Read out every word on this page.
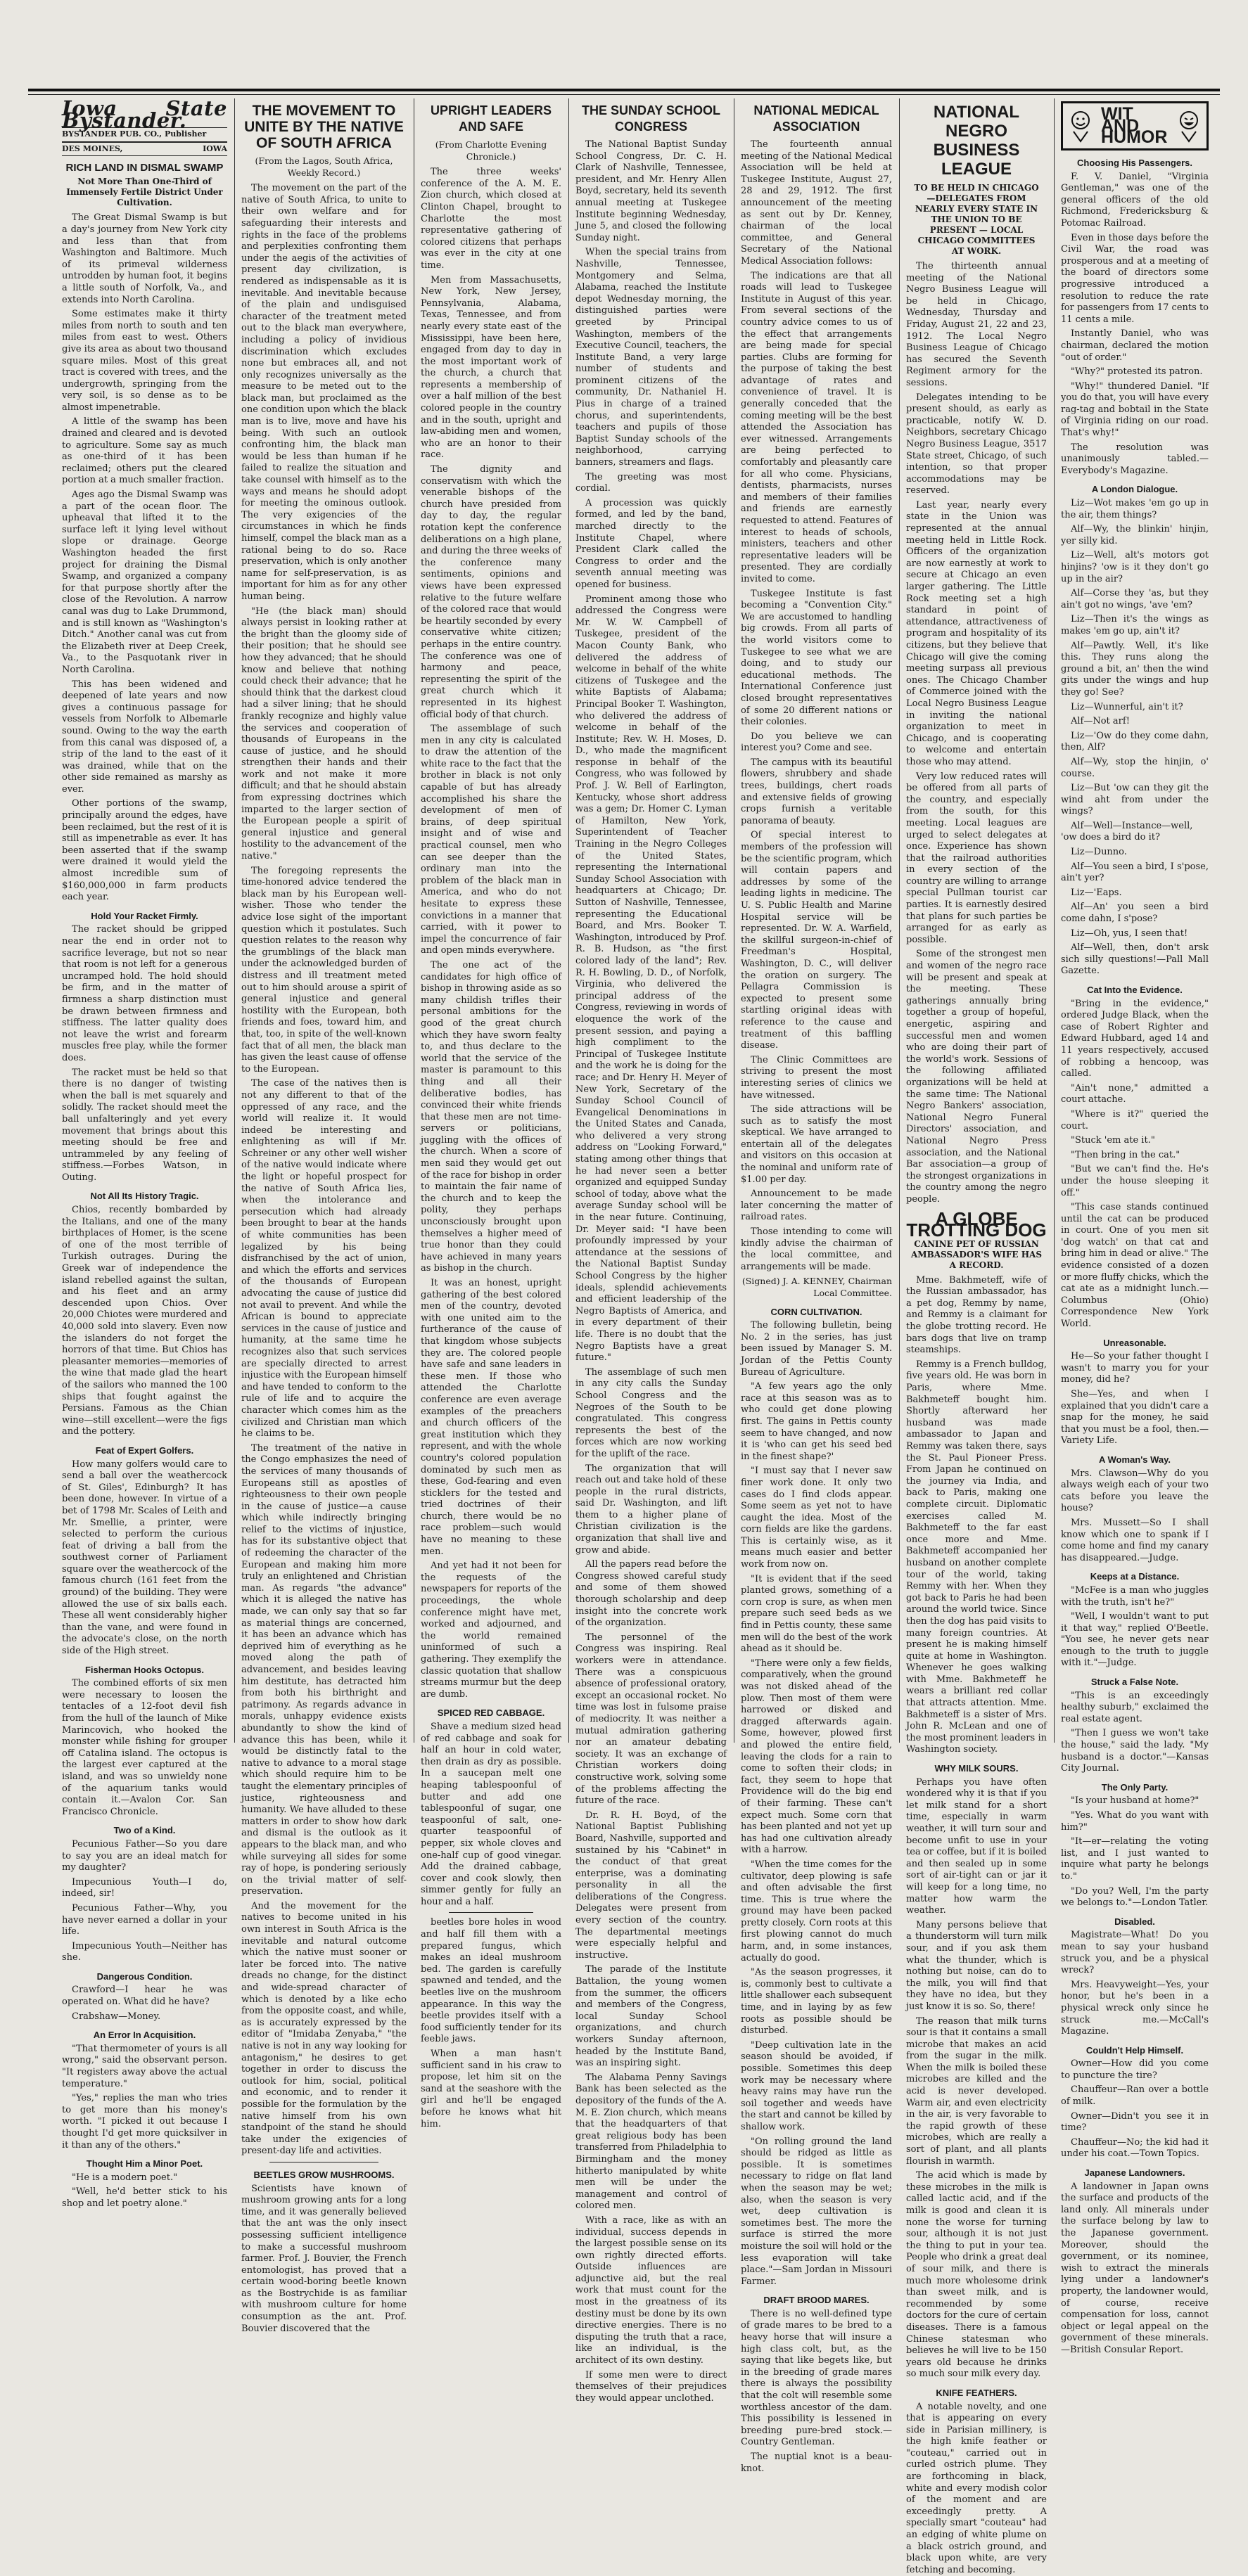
Iowa State Bystander.
BYSTANDER PUB. CO., Publisher
DES MOINES,	IOWA
RICH LAND IN DISMAL SWAMP
Not More Than One-Third of Immensely Fertile District Under Cultivation.

The Great Dismal Swamp is but a day's journey from New York city and less than that from Washington and Baltimore. Much of its primeval wilderness untrodden by human foot, it begins a little south of Norfolk, Va., and extends into North Carolina.

Some estimates make it thirty miles from north to south and ten miles from east to west. Others give its area as about two thousand square miles. Most of this great tract is covered with trees, and the undergrowth, springing from the very soil, is so dense as to be almost impenetrable.

A little of the swamp has been drained and cleared and is devoted to agriculture. Some say as much as one-third of it has been reclaimed; others put the cleared portion at a much smaller fraction.

Ages ago the Dismal Swamp was a part of the ocean floor. The upheaval that lifted it to the surface left it lying level without slope or drainage. George Washington headed the first project for draining the Dismal Swamp, and organized a company for that purpose shortly after the close of the Revolution. A narrow canal was dug to Lake Drummond, and is still known as "Washington's Ditch." Another canal was cut from the Elizabeth river at Deep Creek, Va., to the Pasquotank river in North Carolina.

This has been widened and deepened of late years and now gives a continuous passage for vessels from Norfolk to Albemarle sound. Owing to the way the earth from this canal was disposed of, a strip of the land to the east of it was drained, while that on the other side remained as marshy as ever.

Other portions of the swamp, principally around the edges, have been reclaimed, but the rest of it is still as impenetrable as ever. It has been asserted that if the swamp were drained it would yield the almost incredible sum of $160,000,000 in farm products each year.

Hold Your Racket Firmly.

The racket should be gripped near the end in order not to sacrifice leverage, but not so near that room is not left for a generous uncramped hold. The hold should be firm, and in the matter of firmness a sharp distinction must be drawn between firmness and stiffness. The latter quality does not leave the wrist and forearm muscles free play, while the former does.

The racket must be held so that there is no danger of twisting when the ball is met squarely and solidly. The racket should meet the ball unfalteringly and yet every movement that brings about this meeting should be free and untrammeled by any feeling of stiffness.—Forbes Watson, in Outing.

Not All Its History Tragic.

Chios, recently bombarded by the Italians, and one of the many birthplaces of Homer, is the scene of one of the most terrible of Turkish outrages. During the Greek war of independence the island rebelled against the sultan, and his fleet and an army descended upon Chios. Over 20,000 Chiotes were murdered and 40,000 sold into slavery. Even now the islanders do not forget the horrors of that time. But Chios has pleasanter memories—memories of the wine that made glad the heart of the sailors who manned the 100 ships that fought against the Persians. Famous as the Chian wine—still excellent—were the figs and the pottery.

Feat of Expert Golfers.

How many golfers would care to send a ball over the weathercock of St. Giles', Edinburgh? It has been done, however. In virtue of a bet of 1798 Mr. Scales of Leith and Mr. Smellie, a printer, were selected to perform the curious feat of driving a ball from the southwest corner of Parliament square over the weathercock of the famous church (161 feet from the ground) of the building. They were allowed the use of six balls each. These all went considerably higher than the vane, and were found in the advocate's close, on the north side of the High street.

Fisherman Hooks Octopus.

The combined efforts of six men were necessary to loosen the tentacles of a 12-foot devil fish from the hull of the launch of Mike Marincovich, who hooked the monster while fishing for grouper off Catalina island. The octopus is the largest ever captured at the island, and was so unwieldy none of the aquarium tanks would contain it.—Avalon Cor. San Francisco Chronicle.

Two of a Kind.

Pecunious Father—So you dare to say you are an ideal match for my daughter?

Impecunious Youth—I do, indeed, sir!

Pecunious Father—Why, you have never earned a dollar in your life.

Impecunious Youth—Neither has she.

Dangerous Condition.

Crawford—I hear he was operated on. What did he have?

Crabshaw—Money.

An Error In Acquisition.

"That thermometer of yours is all wrong," said the observant person. "It registers away above the actual temperature."

"Yes," replies the man who tries to get more than his money's worth. "I picked it out because I thought I'd get more quicksilver in it than any of the others."

Thought Him a Minor Poet.

"He is a modern poet."

"Well, he'd better stick to his shop and let poetry alone."

THE MOVEMENT TO UNITE BY THE NATIVE OF SOUTH AFRICA
(From the Lagos, South Africa, Weekly Record.)

The movement on the part of the native of South Africa, to unite to their own welfare and for safeguarding their interests and rights in the face of the problems and perplexities confronting them under the aegis of the activities of present day civilization, is rendered as indispensable as it is inevitable. And inevitable because of the plain and undisguised character of the treatment meted out to the black man everywhere, including a policy of invidious discrimination which excludes none but embraces all, and not only recognizes universally as the measure to be meted out to the black man, but proclaimed as the one condition upon which the black man is to live, move and have his being. With such an outlook confronting him, the black man would be less than human if he failed to realize the situation and take counsel with himself as to the ways and means he should adopt for meeting the ominous outlook. The very exigencies of the circumstances in which he finds himself, compel the black man as a rational being to do so. Race preservation, which is only another name for self-preservation, is as important for him as for any other human being.

"He (the black man) should always persist in looking rather at the bright than the gloomy side of their position; that he should see how they advanced; that he should know and believe that nothing could check their advance; that he should think that the darkest cloud had a silver lining; that he should frankly recognize and highly value the services and cooperation of thousands of Europeans in the cause of justice, and he should strengthen their hands and their work and not make it more difficult; and that he should abstain from expressing doctrines which imparted to the larger section of the European people a spirit of general injustice and general hostility to the advancement of the native."

The foregoing represents the time-honored advice tendered the black man by his European well-wisher. Those who tender the advice lose sight of the important question which it postulates. Such question relates to the reason why the grumblings of the black man under the acknowledged burden of distress and ill treatment meted out to him should arouse a spirit of general injustice and general hostility with the European, both friends and foes, toward him, and that, too, in spite of the well-known fact that of all men, the black man has given the least cause of offense to the European.

The case of the natives then is not any different to that of the oppressed of any race, and the world will realize it. It would indeed be interesting and enlightening as will if Mr. Schreiner or any other well wisher of the native would indicate where the light or hopeful prospect for the native of South Africa lies, when the intolerance and persecution which had already been brought to bear at the hands of white communities has been legalized by his being disfranchised by the act of union, and which the efforts and services of the thousands of European advocating the cause of justice did not avail to prevent. And while the African is bound to appreciate services in the cause of justice and humanity, at the same time he recognizes also that such services are specially directed to arrest injustice with the European himself and have tended to conform to the rule of life and to acquire the character which comes him as the civilized and Christian man which he claims to be.

The treatment of the native in the Congo emphasizes the need of the services of many thousands of Europeans still as apostles of righteousness to their own people in the cause of justice—a cause which while indirectly bringing relief to the victims of injustice, has for its substantive object that of redeeming the character of the European and making him more truly an enlightened and Christian man. As regards "the advance" which it is alleged the native has made, we can only say that so far as material things are concerned, it has been an advance which has deprived him of everything as he moved along the path of advancement, and besides leaving him destitute, has detracted him from both his birthright and patrimony. As regards advance in morals, unhappy evidence exists abundantly to show the kind of advance this has been, while it would be distinctly fatal to the native to advance to a moral stage which should require him to be taught the elementary principles of justice, righteousness and humanity. We have alluded to these matters in order to show how dark and dismal is the outlook as it appears to the black man, and who while surveying all sides for some ray of hope, is pondering seriously on the trivial matter of self-preservation.

And the movement for the natives to become united in his own interest in South Africa is the inevitable and natural outcome which the native must sooner or later be forced into. The native dreads no change, for the distinct and wide-spread character of which is denoted by a like echo from the opposite coast, and while, as is accurately expressed by the editor of "Imidaba Zenyaba," "the native is not in any way looking for antagonism," he desires to get together in order to discuss the outlook for him, social, political and economic, and to render it possible for the formulation by the native himself from his own standpoint of the stand he should take under the exigencies of present-day life and activities.

BEETLES GROW MUSHROOMS.

Scientists have known of mushroom growing ants for a long time, and it was generally believed that the ant was the only insect possessing sufficient intelligence to make a successful mushroom farmer. Prof. J. Bouvier, the French entomologist, has proved that a certain wood-boring beetle known as the Bostrychide is as familiar with mushroom culture for home consumption as the ant. Prof. Bouvier discovered that the

UPRIGHT LEADERS AND SAFE
(From Charlotte Evening Chronicle.)

The three weeks' conference of the A. M. E. Zion church, which closed at Clinton Chapel, brought to Charlotte the most representative gathering of colored citizens that perhaps was ever in the city at one time.

Men from Massachusetts, New York, New Jersey, Pennsylvania, Alabama, Texas, Tennessee, and from nearly every state east of the Mississippi, have been here, engaged from day to day in the most important work of the church, a church that represents a membership of over a half million of the best colored people in the country and in the south, upright and law-abiding men and women, who are an honor to their race.

The dignity and conservatism with which the venerable bishops of the church have presided from day to day, the regular rotation kept the conference deliberations on a high plane, and during the three weeks of the conference many sentiments, opinions and views have been expressed relative to the future welfare of the colored race that would be heartily seconded by every conservative white citizen; perhaps in the entire country. The conference was one of harmony and peace, representing the spirit of the great church which it represented in its highest official body of that church.

The assemblage of such men in any city is calculated to draw the attention of the white race to the fact that the brother in black is not only capable of but has already accomplished his share the development of men of brains, of deep spiritual insight and of wise and practical counsel, men who can see deeper than the ordinary man into the problem of the black man in America, and who do not hesitate to express these convictions in a manner that carried, with it power to impel the concurrence of fair and open minds everywhere.

The one act of the candidates for high office of bishop in throwing aside as so many childish trifles their personal ambitions for the good of the great church which they have sworn fealty to, and thus declare to the world that the service of the master is paramount to this thing and all their deliberative bodies, has convinced their white friends that these men are not time-servers or politicians, juggling with the offices of the church. When a score of men said they would get out of the race for bishop in order to maintain the fair name of the church and to keep the polity, they perhaps unconsciously brought upon themselves a higher meed of true honor than they could have achieved in many years as bishop in the church.

It was an honest, upright gathering of the best colored men of the country, devoted with one united aim to the furtherance of the cause of that kingdom whose subjects they are. The colored people have safe and sane leaders in these men. If those who attended the Charlotte conference are even average examples of the preachers and church officers of the great institution which they represent, and with the whole country's colored population dominated by such men as these, God-fearing and even sticklers for the tested and tried doctrines of their church, there would be no race problem—such would have no meaning to these men.

And yet had it not been for the requests of the newspapers for reports of the proceedings, the whole conference might have met, worked and adjourned, and the world remained uninformed of such a gathering. They exemplify the classic quotation that shallow streams murmur but the deep are dumb.

SPICED RED CABBAGE.

Shave a medium sized head of red cabbage and soak for half an hour in cold water, then drain as dry as possible. In a saucepan melt one heaping tablespoonful of butter and add one tablespoonful of sugar, one teaspoonful of salt, one-quarter teaspoonful of pepper, six whole cloves and one-half cup of good vinegar. Add the drained cabbage, cover and cook slowly, then simmer gently for fully an hour and a half.

beetles bore holes in wood and half fill them with a prepared fungus, which makes an ideal mushroom bed. The garden is carefully spawned and tended, and the beetles live on the mushroom appearance. In this way the beetle provides itself with a food sufficiently tender for its feeble jaws.

When a man hasn't sufficient sand in his craw to propose, let him sit on the sand at the seashore with the girl and he'll be engaged before he knows what hit him.

THE SUNDAY SCHOOL CONGRESS

The National Baptist Sunday School Congress, Dr. C. H. Clark of Nashville, Tennessee, president, and Mr. Henry Allen Boyd, secretary, held its seventh annual meeting at Tuskegee Institute beginning Wednesday, June 5, and closed the following Sunday night.

When the special trains from Nashville, Tennessee, Montgomery and Selma, Alabama, reached the Institute depot Wednesday morning, the distinguished parties were greeted by Principal Washington, members of the Executive Council, teachers, the Institute Band, a very large number of students and prominent citizens of the community, Dr. Nathaniel H. Pius in charge of a trained chorus, and superintendents, teachers and pupils of those Baptist Sunday schools of the neighborhood, carrying banners, streamers and flags.

The greeting was most cordial.

A procession was quickly formed, and led by the band, marched directly to the Institute Chapel, where President Clark called the Congress to order and the seventh annual meeting was opened for business.

Prominent among those who addressed the Congress were Mr. W. W. Campbell of Tuskegee, president of the Macon County Bank, who delivered the address of welcome in behalf of the white citizens of Tuskegee and the white Baptists of Alabama; Principal Booker T. Washington, who delivered the address of welcome in behalf of the Institute; Rev. W. H. Moses, D. D., who made the magnificent response in behalf of the Congress, who was followed by Prof. J. W. Bell of Earlington, Kentucky, whose short address was a gem; Dr. Homer C. Lyman of Hamilton, New York, Superintendent of Teacher Training in the Negro Colleges of the United States, representing the International Sunday School Association with headquarters at Chicago; Dr. Sutton of Nashville, Tennessee, representing the Educational Board, and Mrs. Booker T. Washington, introduced by Prof. R. B. Hudson, as "the first colored lady of the land"; Rev. R. H. Bowling, D. D., of Norfolk, Virginia, who delivered the principal address of the Congress, reviewing in words of eloquence the work of the present session, and paying a high compliment to the Principal of Tuskegee Institute and the work he is doing for the race; and Dr. Henry H. Meyer of New York, Secretary of the Sunday School Council of Evangelical Denominations in the United States and Canada, who delivered a very strong address on "Looking Forward," stating among other things that he had never seen a better organized and equipped Sunday school of today, above what the average Sunday school will be in the near future. Continuing, Dr. Meyer said: "I have been profoundly impressed by your attendance at the sessions of the National Baptist Sunday School Congress by the higher ideals, splendid achievements and efficient leadership of the Negro Baptists of America, and in every department of their life. There is no doubt that the Negro Baptists have a great future."

The assemblage of such men in any city calls the Sunday School Congress and the Negroes of the South to be congratulated. This congress represents the best of the forces which are now working for the uplift of the race.

The organization that will reach out and take hold of these people in the rural districts, said Dr. Washington, and lift them to a higher plane of Christian civilization is the organization that shall live and grow and abide.

All the papers read before the Congress showed careful study and some of them showed thorough scholarship and deep insight into the concrete work of the organization.

The personnel of the Congress was inspiring. Real workers were in attendance. There was a conspicuous absence of professional oratory, except an occasional rocket. No time was lost in fulsome praise of mediocrity. It was neither a mutual admiration gathering nor an amateur debating society. It was an exchange of Christian workers doing constructive work, solving some of the problems affecting the future of the race.

Dr. R. H. Boyd, of the National Baptist Publishing Board, Nashville, supported and sustained by his "Cabinet" in the conduct of that great enterprise, was a dominating personality in all the deliberations of the Congress. Delegates were present from every section of the country. The departmental meetings were especially helpful and instructive.

The parade of the Institute Battalion, the young women from the summer, the officers and members of the Congress, local Sunday School organizations, and church workers Sunday afternoon, headed by the Institute Band, was an inspiring sight.

The Alabama Penny Savings Bank has been selected as the depository of the funds of the A. M. E. Zion church, which means that the headquarters of that great religious body has been transferred from Philadelphia to Birmingham and the money hitherto manipulated by white men will be under the management and control of colored men.

With a race, like as with an individual, success depends in the largest possible sense on its own rightly directed efforts. Outside influences are adjunctive aid, but the real work that must count for the most in the greatness of its destiny must be done by its own directive energies. There is no disputing the truth that a race, like an individual, is the architect of its own destiny.

If some men were to direct themselves of their prejudices they would appear unclothed.

NATIONAL MEDICAL ASSOCIATION

The fourteenth annual meeting of the National Medical Association will be held at Tuskegee Institute, August 27, 28 and 29, 1912. The first announcement of the meeting as sent out by Dr. Kenney, chairman of the local committee, and General Secretary of the National Medical Association follows:

The indications are that all roads will lead to Tuskegee Institute in August of this year. From several sections of the country advice comes to us of the effect that arrangements are being made for special parties. Clubs are forming for the purpose of taking the best advantage of rates and convenience of travel. It is generally conceded that the coming meeting will be the best attended the Association has ever witnessed. Arrangements are being perfected to comfortably and pleasantly care for all who come. Physicians, dentists, pharmacists, nurses and members of their families and friends are earnestly requested to attend. Features of interest to heads of schools, ministers, teachers and other representative leaders will be presented. They are cordially invited to come.

Tuskegee Institute is fast becoming a "Convention City." We are accustomed to handling big crowds. From all parts of the world visitors come to Tuskegee to see what we are doing, and to study our educational methods. The International Conference just closed brought representatives of some 20 different nations or their colonies.

Do you believe we can interest you? Come and see.

The campus with its beautiful flowers, shrubbery and shade trees, buildings, chert roads and extensive fields of growing crops furnish a veritable panorama of beauty.

Of special interest to members of the profession will be the scientific program, which will contain papers and addresses by some of the leading lights in medicine. The U. S. Public Health and Marine Hospital service will be represented. Dr. W. A. Warfield, the skillful surgeon-in-chief of Freedman's Hospital, Washington, D. C., will deliver the oration on surgery. The Pellagra Commission is expected to present some startling original ideas with reference to the cause and treatment of this baffling disease.

The Clinic Committees are striving to present the most interesting series of clinics we have witnessed.

The side attractions will be such as to satisfy the most skeptical. We have arranged to entertain all of the delegates and visitors on this occasion at the nominal and uniform rate of $1.00 per day.

Announcement to be made later concerning the matter of railroad rates.

Those intending to come will kindly advise the chairman of the local committee, and arrangements will be made.

(Signed) J. A. KENNEY, Chairman Local Committee.
CORN CULTIVATION.

The following bulletin, being No. 2 in the series, has just been issued by Manager S. M. Jordan of the Pettis County Bureau of Agriculture.

"A few years ago the only race at this season was as to who could get done plowing first. The gains in Pettis county seem to have changed, and now it is 'who can get his seed bed in the finest shape?'

"I must say that I never saw finer work done. It only two cases do I find clods appear. Some seem as yet not to have caught the idea. Most of the corn fields are like the gardens. This is certainly wise, as it means much easier and better work from now on.

"It is evident that if the seed planted grows, something of a corn crop is sure, as when men prepare such seed beds as we find in Pettis county, these same men will do the best of the work ahead as it should be.

"There were only a few fields, comparatively, when the ground was not disked ahead of the plow. Then most of them were harrowed or disked and dragged afterwards again. Some, however, plowed first and plowed the entire field, leaving the clods for a rain to come to soften their clods; in fact, they seem to hope that Providence will do the big end of their farming. These can't expect much. Some corn that has been planted and not yet up has had one cultivation already with a harrow.

"When the time comes for the cultivator, deep plowing is safe and often advisable the first time. This is true where the ground may have been packed pretty closely. Corn roots at this first plowing cannot do much harm, and, in some instances, actually do good.

"As the season progresses, it is, commonly best to cultivate a little shallower each subsequent time, and in laying by as few roots as possible should be disturbed.

"Deep cultivation late in the season should be avoided, if possible. Sometimes this deep work may be necessary where heavy rains may have run the soil together and weeds have the start and cannot be killed by shallow work.

"On rolling ground the land should be ridged as little as possible. It is sometimes necessary to ridge on flat land when the season may be wet; also, when the season is very wet, deep cultivation is sometimes best. The more the surface is stirred the more moisture the soil will hold or the less evaporation will take place."—Sam Jordan in Missouri Farmer.

DRAFT BROOD MARES.

There is no well-defined type of grade mares to be bred to a heavy horse that will insure a high class colt, but, as the saying that like begets like, but in the breeding of grade mares there is always the possibility that the colt will resemble some worthless ancestor of the dam. This possibility is lessened in breeding pure-bred stock.—Country Gentleman.

The nuptial knot is a beau-knot.

NATIONAL NEGRO BUSINESS LEAGUE
TO BE HELD IN CHICAGO—DELEGATES FROM NEARLY EVERY STATE IN THE UNION TO BE PRESENT — LOCAL CHICAGO COMMITTEES AT WORK.

The thirteenth annual meeting of the National Negro Business League will be held in Chicago, Wednesday, Thursday and Friday, August 21, 22 and 23, 1912. The Local Negro Business League of Chicago has secured the Seventh Regiment armory for the sessions.

Delegates intending to be present should, as early as practicable, notify W. D. Neighbors, secretary Chicago Negro Business League, 3517 State street, Chicago, of such intention, so that proper accommodations may be reserved.

Last year, nearly every state in the Union was represented at the annual meeting held in Little Rock. Officers of the organization are now earnestly at work to secure at Chicago an even larger gathering. The Little Rock meeting set a high standard in point of attendance, attractiveness of program and hospitality of its citizens, but they believe that Chicago will give the coming meeting surpass all previous ones. The Chicago Chamber of Commerce joined with the Local Negro Business League in inviting the national organization to meet in Chicago, and is cooperating to welcome and entertain those who may attend.

Very low reduced rates will be offered from all parts of the country, and especially from the south, for this meeting. Local leagues are urged to select delegates at once. Experience has shown that the railroad authorities in every section of the country are willing to arrange special Pullman tourist car parties. It is earnestly desired that plans for such parties be arranged for as early as possible.

Some of the strongest men and women of the negro race will be present and speak at the meeting. These gatherings annually bring together a group of hopeful, energetic, aspiring and successful men and women who are doing their part of the world's work. Sessions of the following affiliated organizations will be held at the same time: The National Negro Bankers' association, National Negro Funeral Directors' association, and National Negro Press association, and the National Bar association—a group of the strongest organizations in the country among the negro people.

A GLOBE TROTTING DOG
CANINE PET OF RUSSIAN AMBASSADOR'S WIFE HAS A RECORD.

Mme. Bakhmeteff, wife of the Russian ambassador, has a pet dog, Remmy by name, and Remmy is a claimant for the globe trotting record. He bars dogs that live on tramp steamships.

Remmy is a French bulldog, five years old. He was born in Paris, where Mme. Bakhmeteff bought him. Shortly afterward her husband was made ambassador to Japan and Remmy was taken there, says the St. Paul Pioneer Press. From Japan he continued on the journey via India, and back to Paris, making one complete circuit. Diplomatic exercises called M. Bakhmeteff to the far east once more and Mme. Bakhmeteff accompanied her husband on another complete tour of the world, taking Remmy with her. When they got back to Paris he had been around the world twice. Since then the dog has paid visits to many foreign countries. At present he is making himself quite at home in Washington. Whenever he goes walking with Mme. Bakhmeteff he wears a brilliant red collar that attracts attention. Mme. Bakhmeteff is a sister of Mrs. John R. McLean and one of the most prominent leaders in Washington society.

WHY MILK SOURS.

Perhaps you have often wondered why it is that if you let milk stand for a short time, especially in warm weather, it will turn sour and become unfit to use in your tea or coffee, but if it is boiled and then sealed up in some sort of air-tight can or jar it will keep for a long time, no matter how warm the weather.

Many persons believe that a thunderstorm will turn milk sour, and if you ask them what the thunder, which is nothing but noise, can do to the milk, you will find that they have no idea, but they just know it is so. So, there!

The reason that milk turns sour is that it contains a small microbe that makes an acid from the sugar in the milk. When the milk is boiled these microbes are killed and the acid is never developed. Warm air, and even electricity in the air, is very favorable to the rapid growth of these microbes, which are really a sort of plant, and all plants flourish in warmth.

The acid which is made by these microbes in the milk is called lactic acid, and if the milk is good and clean it is none the worse for turning sour, although it is not just the thing to put in your tea. People who drink a great deal of sour milk, and there is much more wholesome drink than sweet milk, and is recommended by some doctors for the cure of certain diseases. There is a famous Chinese statesman who believes he will live to be 150 years old because he drinks so much sour milk every day.

KNIFE FEATHERS.

A notable novelty, and one that is appearing on every side in Parisian millinery, is the high knife feather or "couteau," carried out in curled ostrich plume. They are forthcoming in black, white and every modish color of the moment and are exceedingly pretty. A specially smart "couteau" had an edging of white plume on a black ostrich ground, and black upon white, are very fetching and becoming.

WIT AND HUMOR
Choosing His Passengers.

F. V. Daniel, "Virginia Gentleman," was one of the general officers of the old Richmond, Fredericksburg & Potomac Railroad.

Even in those days before the Civil War, the road was prosperous and at a meeting of the board of directors some progressive introduced a resolution to reduce the rate for passengers from 17 cents to 11 cents a mile.

Instantly Daniel, who was chairman, declared the motion "out of order."

"Why?" protested its patron.

"Why!" thundered Daniel. "If you do that, you will have every rag-tag and bobtail in the State of Virginia riding on our road. That's why!"

The resolution was unanimously tabled.—Everybody's Magazine.

A London Dialogue.

Liz—Wot makes 'em go up in the air, them things?

Alf—Wy, the blinkin' hinjin, yer silly kid.

Liz—Well, alt's motors got hinjins? 'ow is it they don't go up in the air?

Alf—Corse they 'as, but they ain't got no wings, 'ave 'em?

Liz—Then it's the wings as makes 'em go up, ain't it?

Alf—Pawtly. Well, it's like this. They runs along the ground a bit, an' then the wind gits under the wings and hup they go! See?

Liz—Wunnerful, ain't it?

Alf—Not arf!

Liz—'Ow do they come dahn, then, Alf?

Alf—Wy, stop the hinjin, o' course.

Liz—But 'ow can they git the wind aht from under the wings?

Alf—Well—Instance—well, 'ow does a bird do it?

Liz—Dunno.

Alf—You seen a bird, I s'pose, ain't yer?

Liz—'Eaps.

Alf—An' you seen a bird come dahn, I s'pose?

Liz—Oh, yus, I seen that!

Alf—Well, then, don't arsk sich silly questions!—Pall Mall Gazette.

Cat Into the Evidence.

"Bring in the evidence," ordered Judge Black, when the case of Robert Righter and Edward Hubbard, aged 14 and 11 years respectively, accused of robbing a hencoop, was called.

"Ain't none," admitted a court attache.

"Where is it?" queried the court.

"Stuck 'em ate it."

"Then bring in the cat."

"But we can't find the. He's under the house sleeping it off."

"This case stands continued until the cat can be produced in court. One of you men sit 'dog watch' on that cat and bring him in dead or alive." The evidence consisted of a dozen or more fluffy chicks, which the cat ate as a midnight lunch.—Columbus (Ohio) Correspondence New York World.

Unreasonable.

He—So your father thought I wasn't to marry you for your money, did he?

She—Yes, and when I explained that you didn't care a snap for the money, he said that you must be a fool, then.—Variety Life.

A Woman's Way.

Mrs. Clawson—Why do you always weigh each of your two cats before you leave the house?

Mrs. Mussett—So I shall know which one to spank if I come home and find my canary has disappeared.—Judge.

Keeps at a Distance.

"McFee is a man who juggles with the truth, isn't he?"

"Well, I wouldn't want to put it that way," replied O'Beetle. "You see, he never gets near enough to the truth to juggle with it."—Judge.

Struck a False Note.

"This is an exceedingly healthy suburb," exclaimed the real estate agent.

"Then I guess we won't take the house," said the lady. "My husband is a doctor."—Kansas City Journal.

The Only Party.

"Is your husband at home?"

"Yes. What do you want with him?"

"It—er—relating the voting list, and I just wanted to inquire what party he belongs to."

"Do you? Well, I'm the party we belongs to."—London Tatler.

Disabled.

Magistrate—What! Do you mean to say your husband struck you, and be a physical wreck?

Mrs. Heavyweight—Yes, your honor, but he's been in a physical wreck only since he struck me.—McCall's Magazine.

Couldn't Help Himself.

Owner—How did you come to puncture the tire?

Chauffeur—Ran over a bottle of milk.

Owner—Didn't you see it in time?

Chauffeur—No; the kid had it under his coat.—Town Topics.

Japanese Landowners.

A landowner in Japan owns the surface and products of the land only. All minerals under the surface belong by law to the Japanese government. Moreover, should the government, or its nominee, wish to extract the minerals lying under a landowner's property, the landowner would, of course, receive compensation for loss, cannot object or legal appeal on the government of these minerals.—British Consular Report.
